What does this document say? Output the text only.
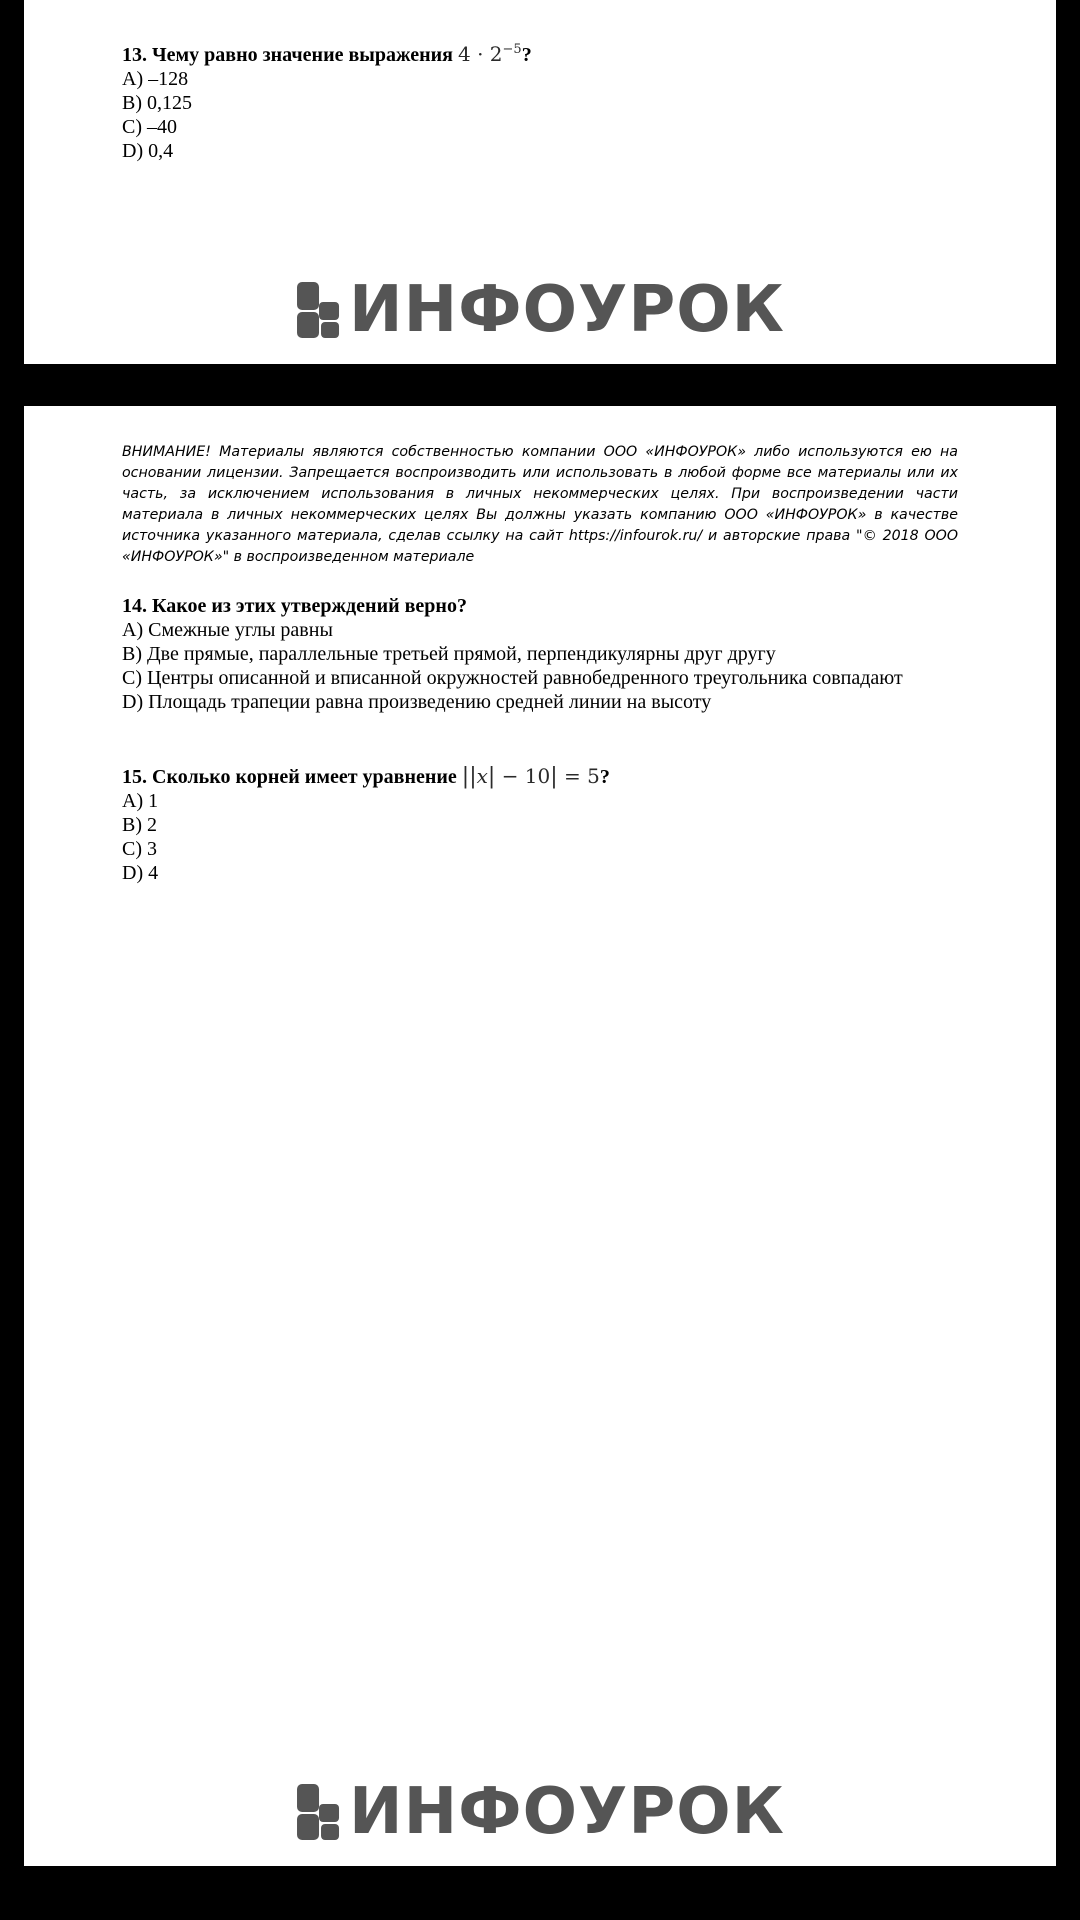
13. Чему равно значение выражения $4 \cdot 2^{-5}$?
А) –128
B) 0,125
C) –40
D) 0,4
ИНФОУРОК
ВНИМАНИЕ! Материалы являются собственностью компании ООО «ИНФОУРОК» либо используются ею на основании лицензии. Запрещается воспроизводить или использовать в любой форме все материалы или их часть, за исключением использования в личных некоммерческих целях. При воспроизведении части материала в личных некоммерческих целях Вы должны указать компанию ООО «ИНФОУРОК» в качестве источника указанного материала, сделав ссылку на сайт https://infourok.ru/ и авторские права "© 2018 ООО «ИНФОУРОК»" в воспроизведенном материале
14. Какое из этих утверждений верно?
А) Смежные углы равны
В) Две прямые, параллельные третьей прямой, перпендикулярны друг другу
С) Центры описанной и вписанной окружностей равнобедренного треугольника совпадают
D) Площадь трапеции равна произведению средней линии на высоту
15. Сколько корней имеет уравнение ||x| − 10| = 5?
А) 1
В) 2
С) 3
D) 4
ИНФОУРОК
